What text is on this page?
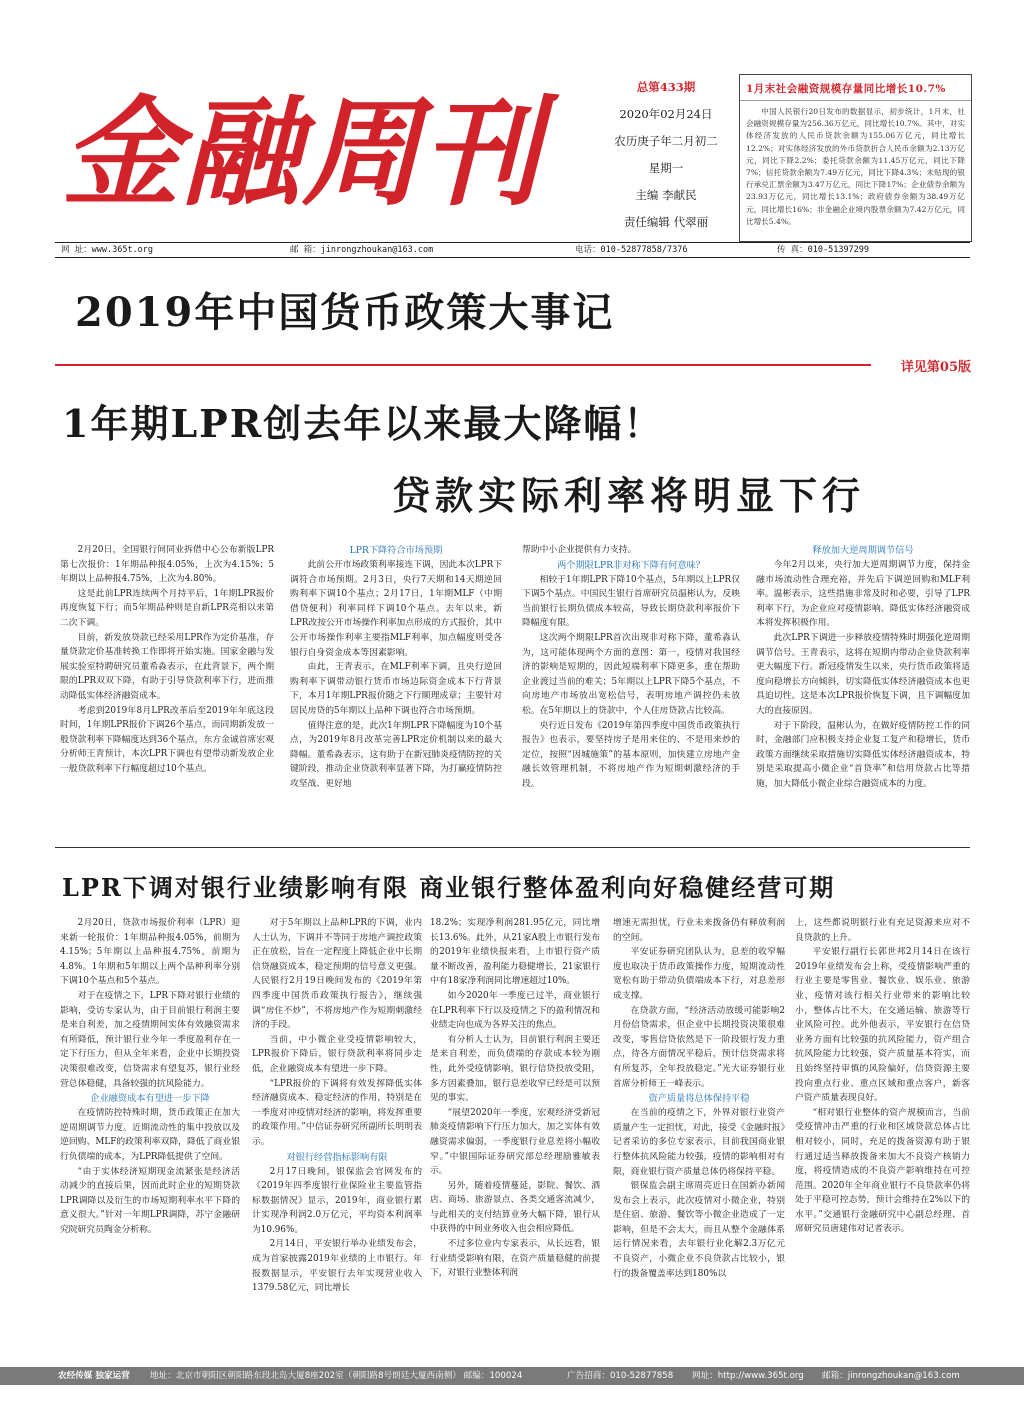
金融周刊	总第433期
2020年02月24日
农历庚子年二月初二
星期一
主编 李献民
责任编辑 代翠丽
1月末社会融资规模存量同比增长10.7%
中国人民银行20日发布的数据显示，初步统计，1月末，社会融资规模存量为256.36万亿元，同比增长10.7%。其中，对实体经济发放的人民币贷款余额为155.06万亿元，同比增长12.2%；对实体经济发放的外币贷款折合人民币余额为2.13万亿元，同比下降2.2%；委托贷款余额为11.45万亿元，同比下降7%；信托贷款余额为7.49万亿元，同比下降4.3%；未贴现的银行承兑汇票余额为3.47万亿元，同比下降17%；企业债券余额为23.93万亿元，同比增长13.1%；政府债券余额为38.49万亿元，同比增长16%；非金融企业境内股票余额为7.42万亿元，同比增长5.4%。
网 址：www.365t.org	邮 箱：jinrongzhoukan@163.com	电话：010-52877858/7376	传 真：010-51397299
2019年中国货币政策大事记
详见第05版
1年期LPR创去年以来最大降幅！
贷款实际利率将明显下行

2月20日，全国银行间同业拆借中心公布新版LPR第七次报价：1年期品种报4.05%，上次为4.15%；5年期以上品种报4.75%，上次为4.80%。

这是此前LPR连续两个月持平后，1年期LPR报价再度恢复下行；而5年期品种则是自新LPR亮相以来第二次下调。

目前，新发放贷款已经采用LPR作为定价基准，存量贷款定价基准转换工作即将开始实施。国家金融与发展实验室特聘研究员董希淼表示，在此背景下，两个期限的LPR双双下降，有助于引导贷款利率下行，进而推动降低实体经济融资成本。

考虑到2019年8月LPR改革后至2019年年底这段时间，1年期LPR报价下调26个基点，而同期新发放一般贷款利率下降幅度达到36个基点，东方金诚首席宏观分析师王青预计，本次LPR下调也有望带动新发放企业一般贷款利率下行幅度超过10个基点。

LPR下降符合市场预期

此前公开市场政策利率接连下调，因此本次LPR下调符合市场预期。2月3日，央行7天期和14天期逆回购利率下调10个基点；2月17日，1年期MLF（中期借贷便利）利率同样下调10个基点。去年以来，新LPR改按公开市场操作利率加点形成的方式报价，其中公开市场操作利率主要指MLF利率，加点幅度则受各银行自身资金成本等因素影响。

由此，王青表示，在MLF利率下调，且央行逆回购利率下调带动银行货币市场边际资金成本下行背景下，本月1年期LPR报价随之下行顺理成章；主要针对居民房贷的5年期以上品种下调也符合市场预期。

值得注意的是，此次1年期LPR下降幅度为10个基点，为2019年8月改革完善LPR定价机制以来的最大降幅。董希淼表示，这有助于在新冠肺炎疫情防控的关键阶段，推动企业贷款利率显著下降，为打赢疫情防控攻坚战、更好地

帮助中小企业提供有力支持。

两个期限LPR非对称下降有何意味？

相较于1年期LPR下降10个基点，5年期以上LPR仅下调5个基点。中国民生银行首席研究员温彬认为，反映当前银行长期负债成本较高，导致长期贷款利率报价下降幅度有限。

这次两个期限LPR首次出现非对称下降，董希淼认为，这可能体现两个方面的意图：第一，疫情对我国经济的影响是短期的，因此短端利率下降更多，重在帮助企业渡过当前的难关；5年期以上LPR下降5个基点，不向房地产市场放出宽松信号，表明房地产调控仍未放松。在5年期以上的贷款中，个人住房贷款占比较高。

央行近日发布《2019年第四季度中国货币政策执行报告》也表示，要坚持房子是用来住的、不是用来炒的定位，按照“因城施策”的基本原则，加快建立房地产金融长效管理机制，不将房地产作为短期刺激经济的手段。

释放加大逆周期调节信号

今年2月以来，央行加大逆周期调节力度，保持金融市场流动性合理充裕，并先后下调逆回购和MLF利率。温彬表示，这些措施非常及时和必要，引导了LPR利率下行，为企业应对疫情影响、降低实体经济融资成本将发挥积极作用。

此次LPR下调进一步释放疫情特殊时期强化逆周期调节信号。王青表示，这将在短期内带动企业贷款利率更大幅度下行。新冠疫情发生以来，央行货币政策将适度向稳增长方向倾斜，切实降低实体经济融资成本也更具迫切性。这是本次LPR报价恢复下调，且下调幅度加大的直接原因。

对于下阶段，温彬认为，在做好疫情防控工作的同时，金融部门应积极支持企业复工复产和稳增长，货币政策方面继续采取措施切实降低实体经济融资成本，特别是采取提高小微企业“首贷率”和信用贷款占比等措施，加大降低小微企业综合融资成本的力度。

LPR下调对银行业绩影响有限 商业银行整体盈利向好稳健经营可期

2月20日，贷款市场报价利率（LPR）迎来新一轮报价：1年期品种报4.05%，前期为4.15%；5年期以上品种报4.75%，前期为4.8%。1年期和5年期以上两个品种利率分别下调10个基点和5个基点。

对于在疫情之下，LPR下降对银行业绩的影响，受访专家认为，由于目前银行利润主要是来自利差，加之疫情期间实体有效融资需求有所降低，预计银行业今年一季度盈利存在一定下行压力，但从全年来看，企业中长期投资决策很难改变，信贷需求有望复苏，银行业经营总体稳健，具备较强的抗风险能力。

企业融资成本有望进一步下降

在疫情防控特殊时期，货币政策正在加大逆周期调节力度。近期流动性的集中投放以及逆回购、MLF的政策利率双降，降低了商业银行负债端的成本，为LPR降低提供了空间。

“由于实体经济短期现金流紧张是经济活动减少的直接后果，因而此时企业的短期贷款LPR调降以及衍生的市场短期利率水平下降的意义很大。”针对一年期LPR调降，苏宁金融研究院研究员陶金分析称。

对于5年期以上品种LPR的下调，业内人士认为，下调并不等同于房地产调控政策正在放松，旨在一定程度上降低企业中长期信贷融资成本，稳定预期的信号意义更强。人民银行2月19日晚间发布的《2019年第四季度中国货币政策执行报告》，继续强调“房住不炒”，不将房地产作为短期刺激经济的手段。

当前，中小微企业受疫情影响较大，LPR报价下降后，银行贷款利率将同步走低，企业融资成本有望进一步下降。

“LPR报价的下调将有效发挥降低实体经济融资成本、稳定经济的作用，特别是在一季度对冲疫情对经济的影响，将发挥重要的政策作用。”中信证券研究所副所长明明表示。

对银行经营指标影响有限

2月17日晚间，银保监会官网发布的《2019年四季度银行业保险业主要监管指标数据情况》显示，2019年，商业银行累计实现净利润2.0万亿元，平均资本利润率为10.96%。

2月14日，平安银行举办业绩发布会，成为首家披露2019年业绩的上市银行。年报数据显示，平安银行去年实现营业收入1379.58亿元，同比增长

18.2%；实现净利润281.95亿元，同比增长13.6%。此外，从21家A股上市银行发布的2019年业绩快报来看，上市银行资产质量不断改善，盈利能力稳健增长，21家银行中有18家净利润同比增速超过10%。

如今2020年一季度已过半，商业银行在LPR利率下行以及疫情之下的盈利情况和业绩走向也成为各界关注的焦点。

有分析人士认为，目前银行利润主要还是来自利差，而负债端的存款成本较为刚性，此外受疫情影响，银行信贷投放受阻，多方因素叠加，银行息差收窄已经是可以预见的事实。

“展望2020年一季度，宏观经济受新冠肺炎疫情影响下行压力加大，加之实体有效融资需求偏弱，一季度银行业息差将小幅收窄。”中银国际证券研究部总经理励雅敏表示。

另外，随着疫情蔓延，影院、餐饮、酒店、商场、旅游景点、各类交通客流减少，与此相关的支付结算业务大幅下降，银行从中获得的中间业务收入也会相应降低。

不过多位业内专家表示，从长远看，银行业绩受影响有限，在资产质量稳健的前提下，对银行业整体利润

增速无需担忧，行业未来拨备仍有释放利润的空间。

平安证券研究团队认为，息差的收窄幅度也取决于货币政策操作力度，短期流动性宽松有助于带动负债端成本下行，对息差形成支撑。

在贷款方面，“经济活动放缓可能影响2月份信贷需求，但企业中长期投资决策很难改变，零售信贷依然是下一阶段银行发力重点，待各方面情况平稳后，预计信贷需求将有所复苏，全年投放稳定。”光大证券银行业首席分析师王一峰表示。

资产质量将总体保持平稳

在当前的疫情之下，外界对银行业资产质量产生一定担忧，对此，接受《金融时报》记者采访的多位专家表示，目前我国商业银行整体抗风险能力较强，疫情的影响相对有限，商业银行资产质量总体仍将保持平稳。

银保监会副主席周亮近日在国新办新闻发布会上表示，此次疫情对小微企业，特别是住宿、旅游、餐饮等小微企业造成了一定影响，但是不会太大，而且从整个金融体系运行情况来看，去年银行业化解2.3万亿元不良资产，小微企业不良贷款占比较小，银行的拨备覆盖率达到180%以

上，这些都说明银行业有充足资源来应对不良贷款的上升。

平安银行副行长郭世邦2月14日在该行2019年业绩发布会上称，受疫情影响严重的行业主要是零售业、餐饮业、娱乐业、旅游业，疫情对该行相关行业带来的影响比较小，整体占比不大，在交通运输、旅游等行业风险可控。此外他表示，平安银行在信贷业务方面有比较强的抗风险能力，资产组合抗风险能力比较强，资产质量基本符实，而且始终坚持审慎的风险偏好，信贷资源主要投向重点行业、重点区域和重点客户，新客户资产质量表现良好。

“相对银行业整体的资产规模而言，当前受疫情冲击严重的行业和区域贷款总体占比相对较小，同时，充足的拨备资源有助于银行通过适当释放拨备来加大不良资产核销力度，将疫情造成的不良资产影响维持在可控范围。2020年全年商业银行不良贷款率仍将处于平稳可控态势，预计会维持在2%以下的水平。”交通银行金融研究中心副总经理、首席研究员唐建伟对记者表示。

农经传媒 独家运营 地址：北京市朝阳区朝阳路东段北岛大厦8座202室（朝阳路8号朗廷大厦西南侧） 邮编：100024	广告招商：010-52877858 网址：http://www.365t.org 邮箱：jinrongzhoukan@163.com
